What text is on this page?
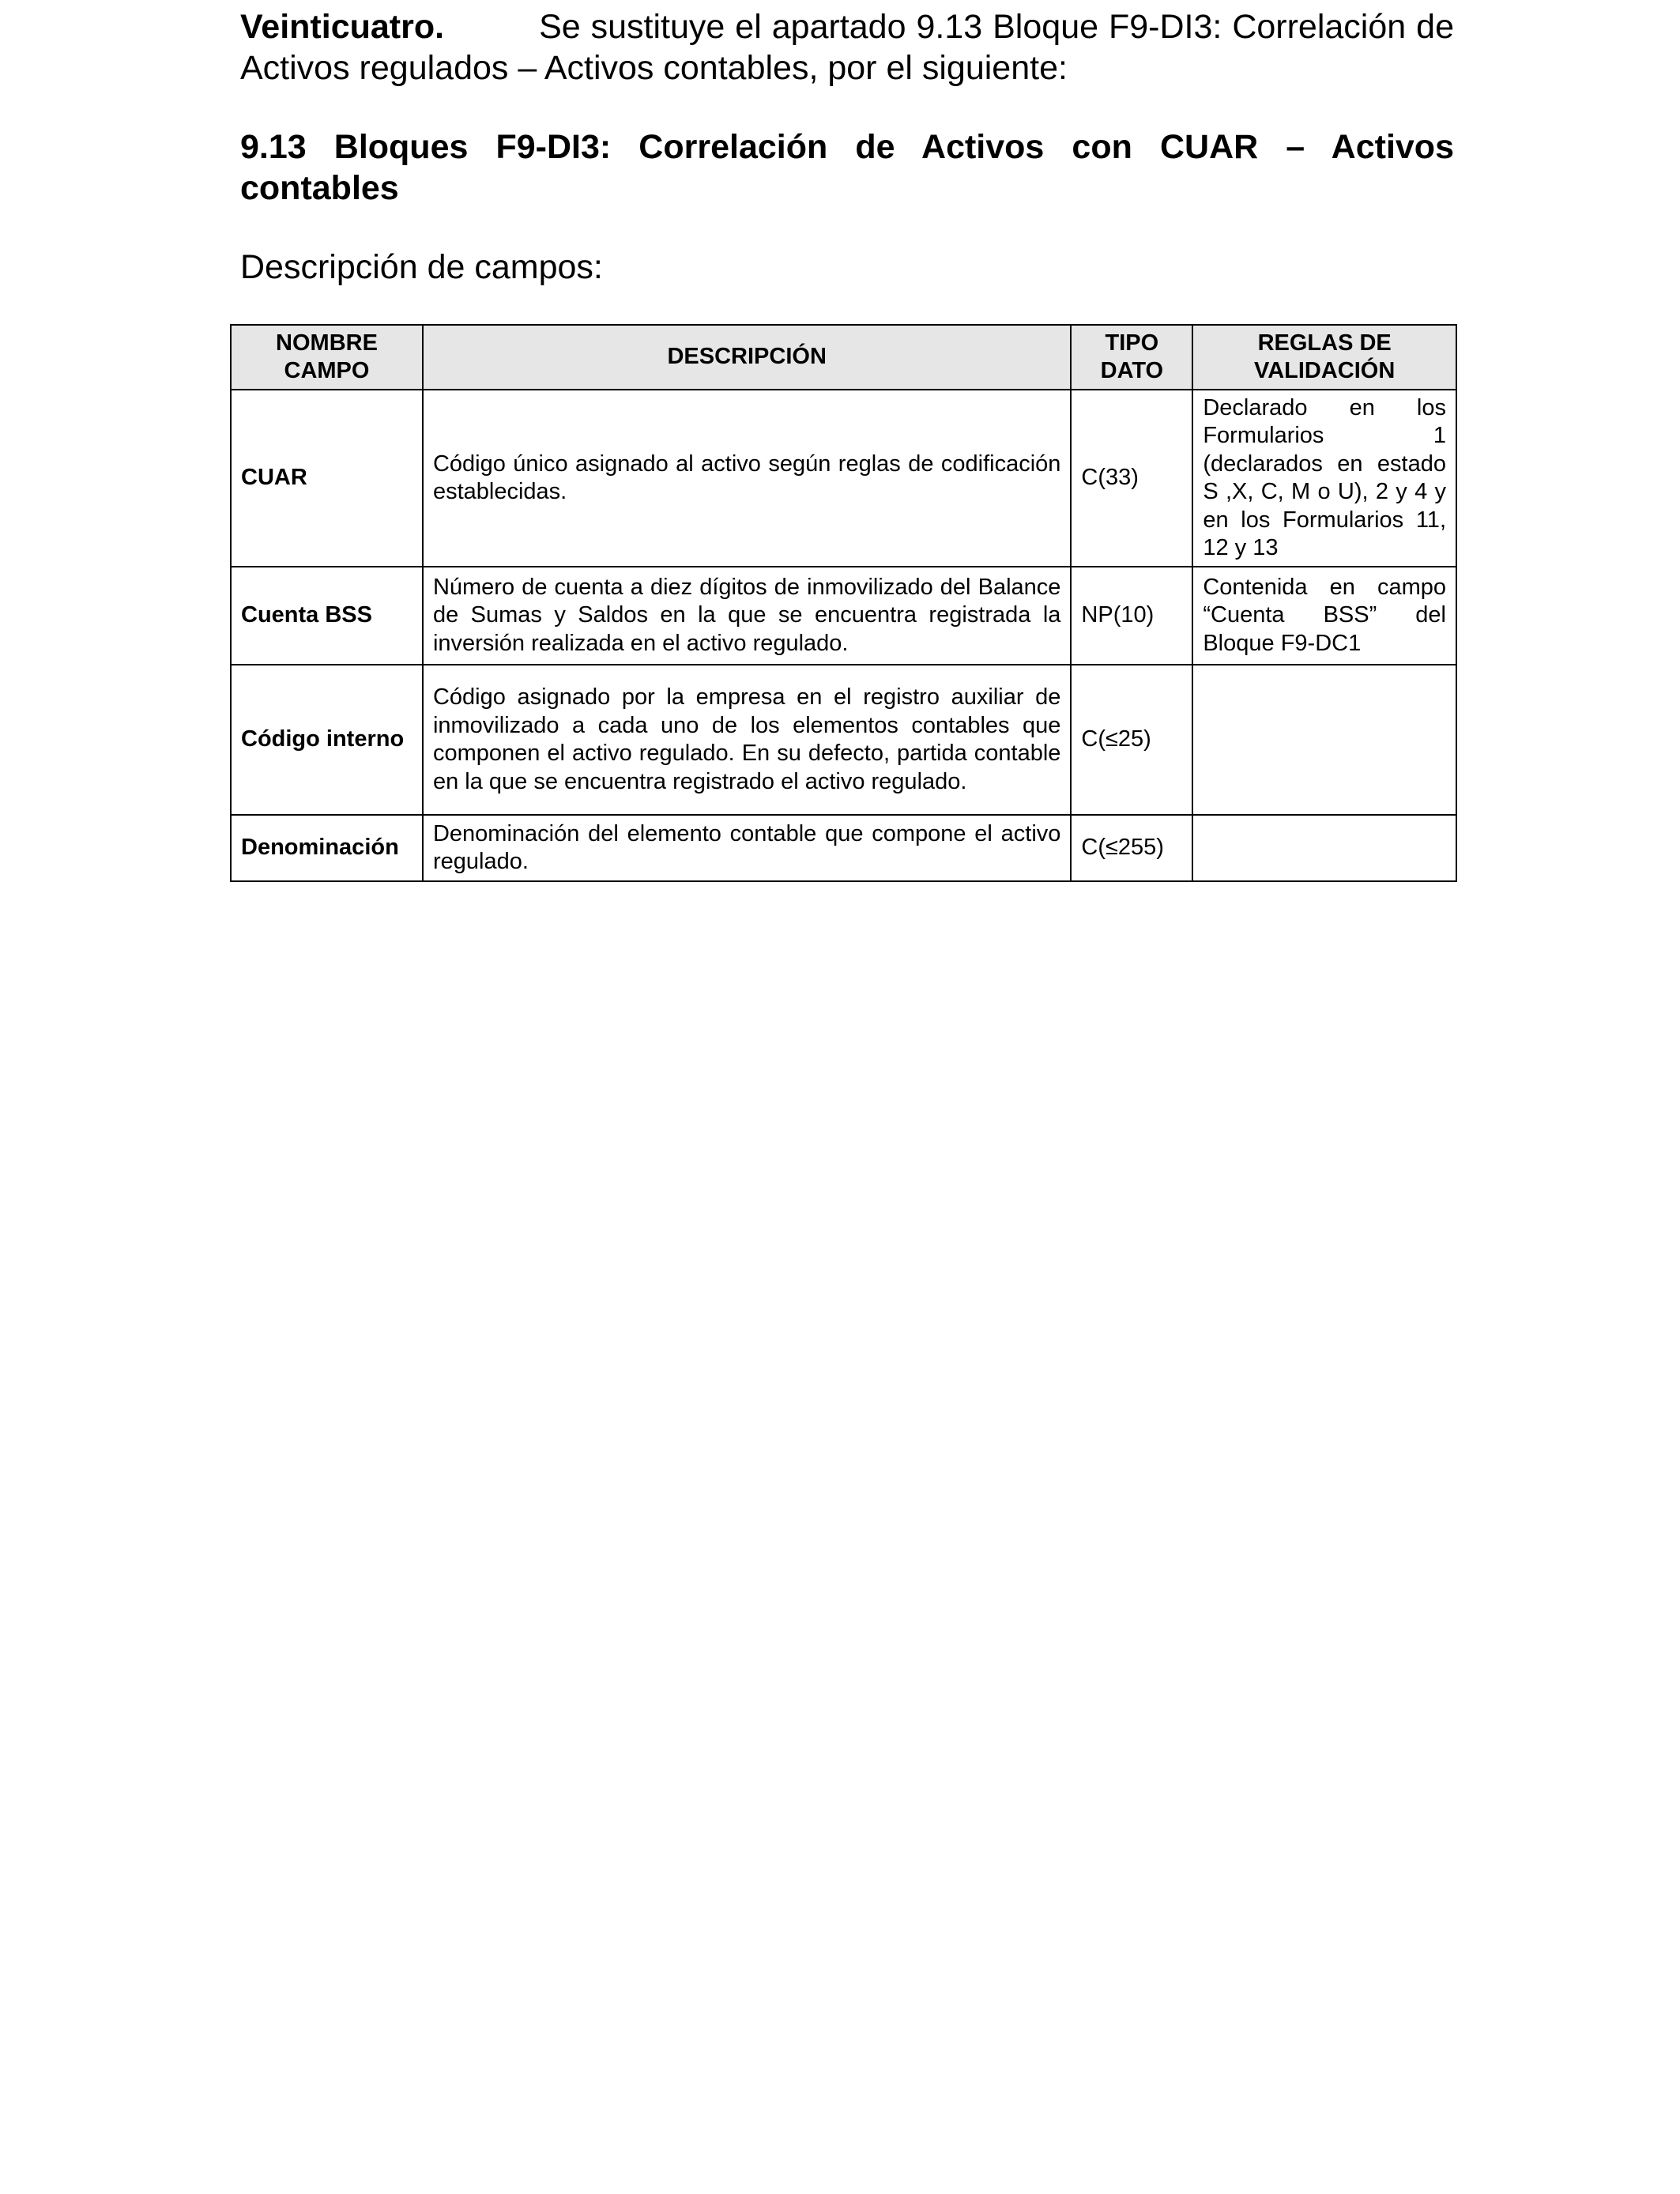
Veinticuatro.	Se sustituye el apartado 9.13 Bloque F9-DI3: Correlación de Activos regulados – Activos contables, por el siguiente:

9.13 Bloques F9-DI3: Correlación de Activos con CUAR – Activos contables

Descripción de campos:

NOMBRE CAMPO	DESCRIPCIÓN	TIPO DATO	REGLAS DE VALIDACIÓN
CUAR	Código único asignado al activo según reglas de codificación establecidas.	C(33)	Declarado en los Formularios 1 (declarados en estado S ,X, C, M o U), 2 y 4 y en los Formularios 11, 12 y 13
Cuenta BSS	Número de cuenta a diez dígitos de inmovilizado del Balance de Sumas y Saldos en la que se encuentra registrada la inversión realizada en el activo regulado.	NP(10)	Contenida en campo “Cuenta BSS” del Bloque F9-DC1
Código interno	Código asignado por la empresa en el registro auxiliar de inmovilizado a cada uno de los elementos contables que componen el activo regulado. En su defecto, partida contable en la que se encuentra registrado el activo regulado.	C(≤25)	
Denominación	Denominación del elemento contable que compone el activo regulado.	C(≤255)	
